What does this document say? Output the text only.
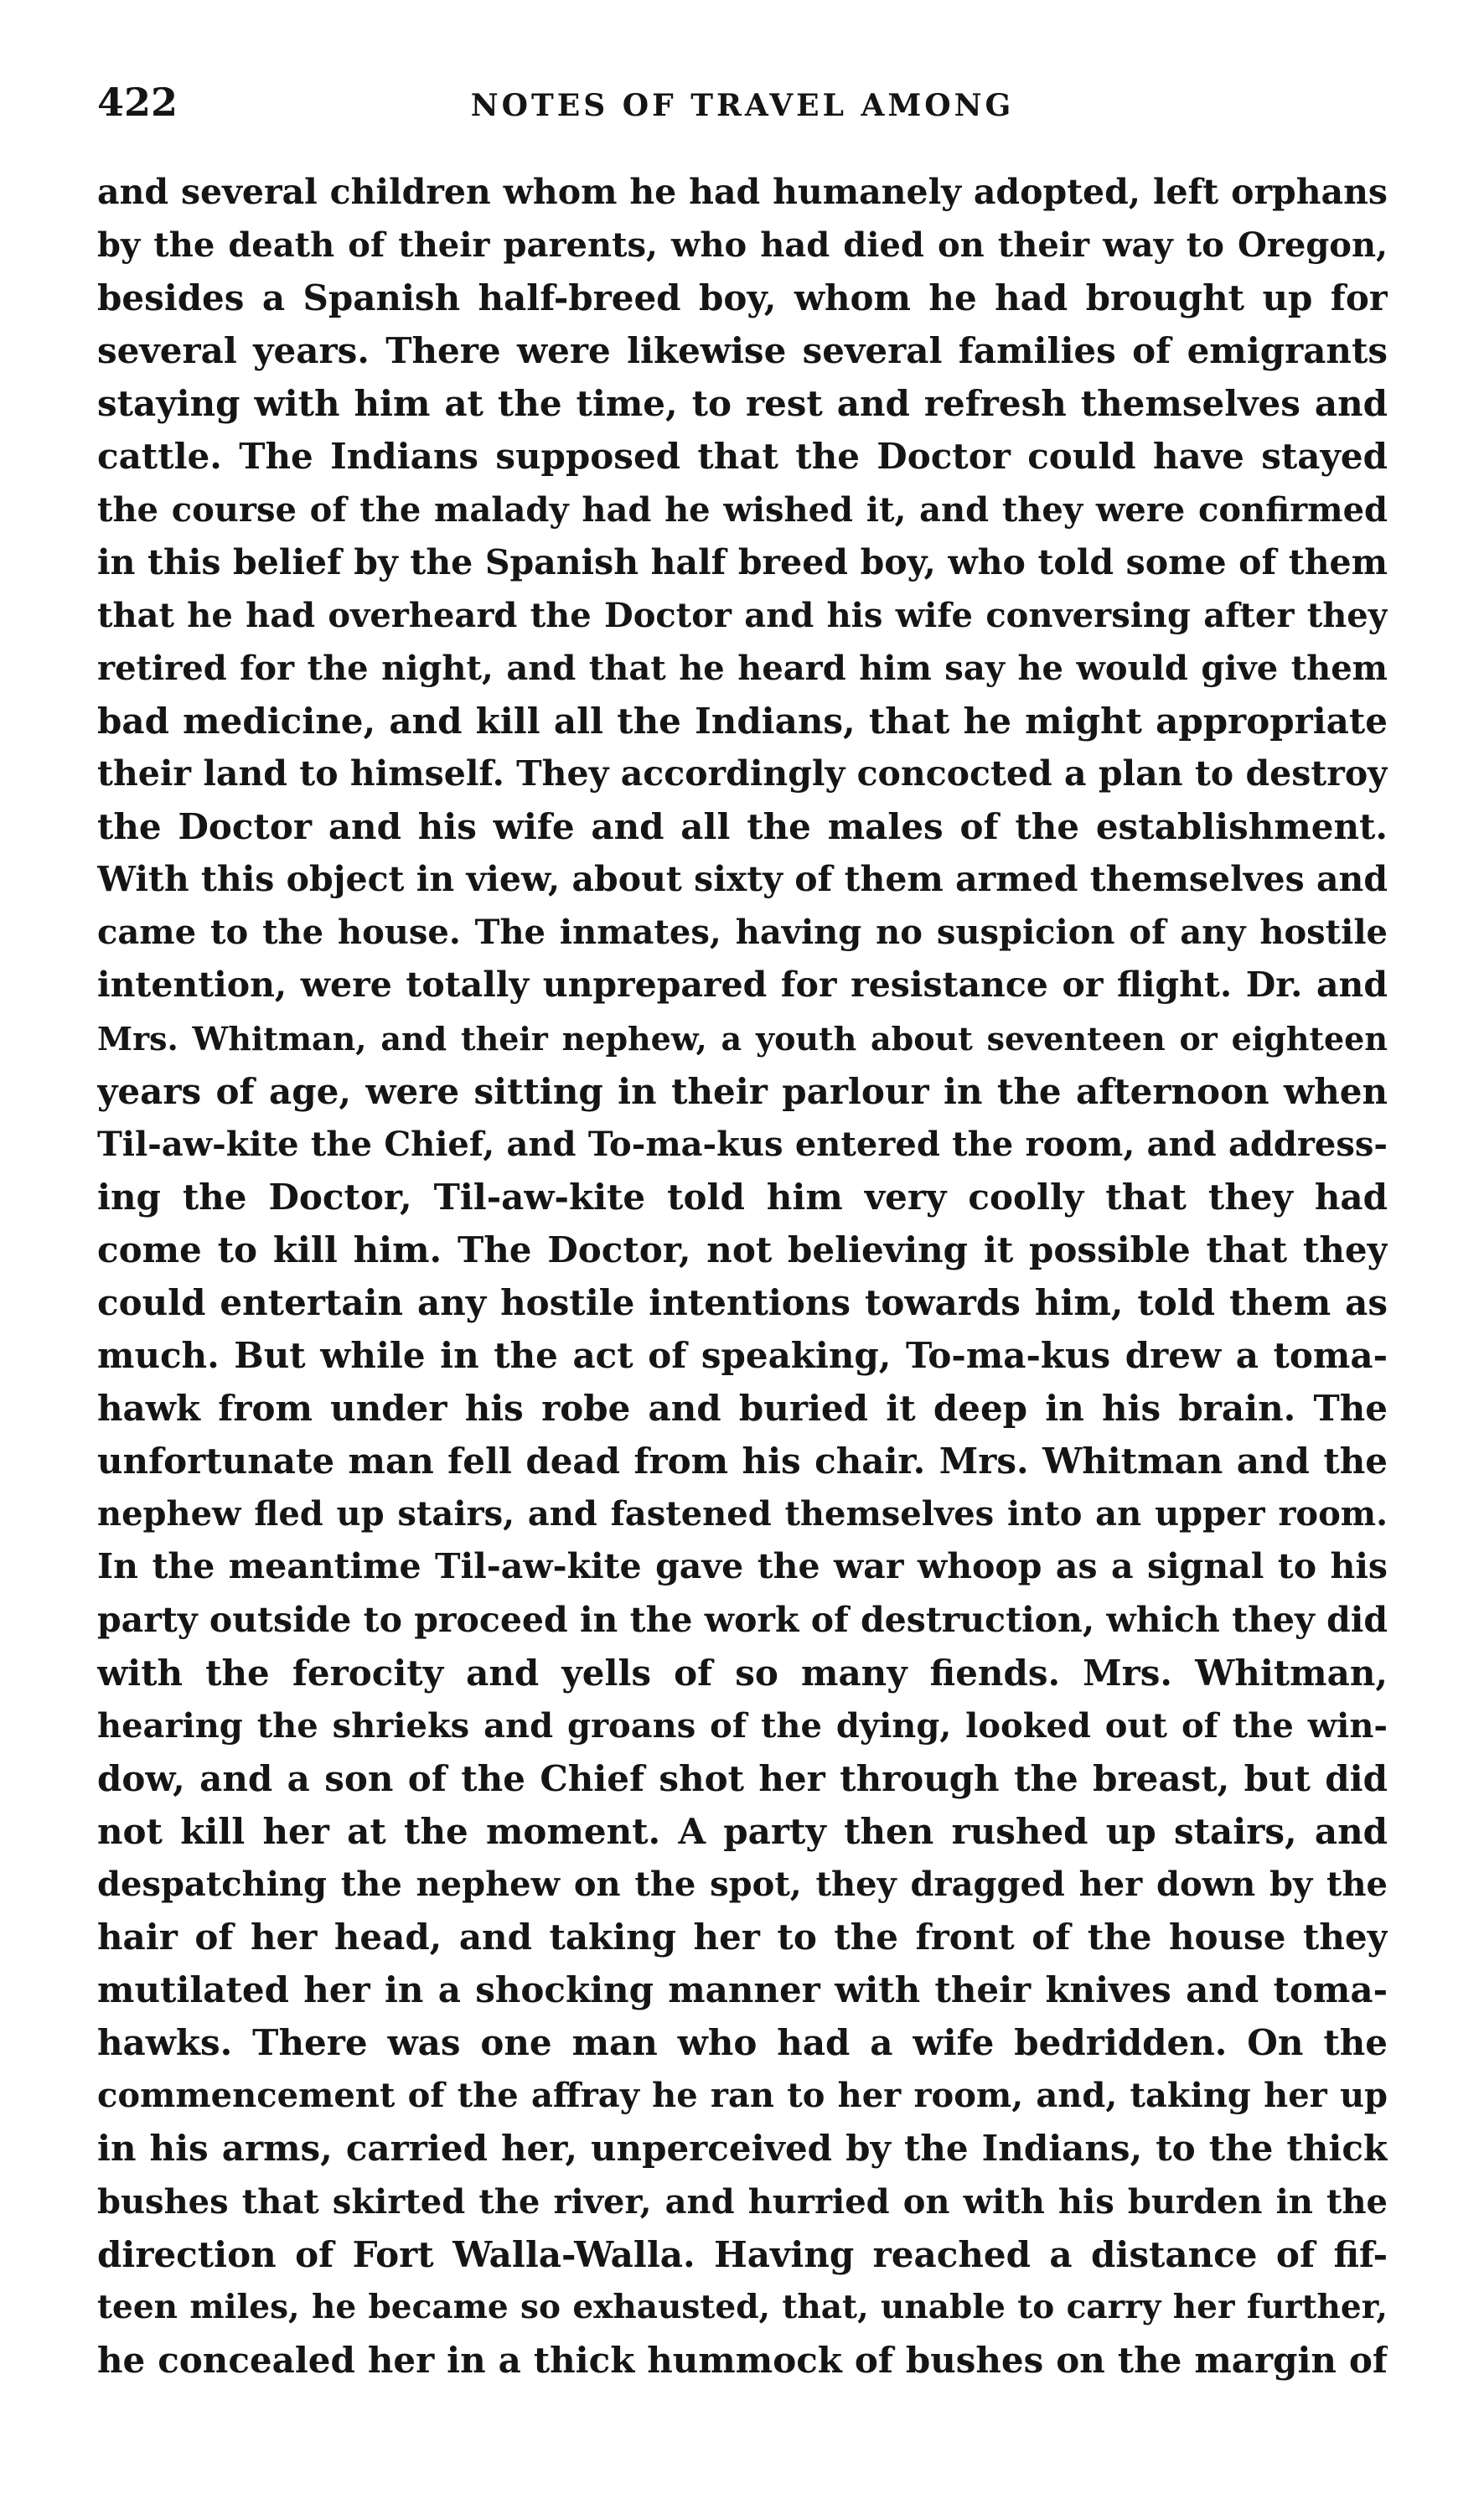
422	NOTES OF TRAVEL AMONG
and several children whom he had humanely adopted, left orphans
by the death of their parents, who had died on their way to Oregon,
besides a Spanish half-breed boy, whom he had brought up for
several years. There were likewise several families of emigrants
staying with him at the time, to rest and refresh themselves and
cattle. The Indians supposed that the Doctor could have stayed
the course of the malady had he wished it, and they were confirmed
in this belief by the Spanish half breed boy, who told some of them
that he had overheard the Doctor and his wife conversing after they
retired for the night, and that he heard him say he would give them
bad medicine, and kill all the Indians, that he might appropriate
their land to himself. They accordingly concocted a plan to destroy
the Doctor and his wife and all the males of the establishment.
With this object in view, about sixty of them armed themselves and
came to the house. The inmates, having no suspicion of any hostile
intention, were totally unprepared for resistance or flight. Dr. and
Mrs. Whitman, and their nephew, a youth about seventeen or eighteen
years of age, were sitting in their parlour in the afternoon when
Til-aw-kite the Chief, and To-ma-kus entered the room, and address-
ing the Doctor, Til-aw-kite told him very coolly that they had
come to kill him. The Doctor, not believing it possible that they
could entertain any hostile intentions towards him, told them as
much. But while in the act of speaking, To-ma-kus drew a toma-
hawk from under his robe and buried it deep in his brain. The
unfortunate man fell dead from his chair. Mrs. Whitman and the
nephew fled up stairs, and fastened themselves into an upper room.
In the meantime Til-aw-kite gave the war whoop as a signal to his
party outside to proceed in the work of destruction, which they did
with the ferocity and yells of so many fiends. Mrs. Whitman,
hearing the shrieks and groans of the dying, looked out of the win-
dow, and a son of the Chief shot her through the breast, but did
not kill her at the moment. A party then rushed up stairs, and
despatching the nephew on the spot, they dragged her down by the
hair of her head, and taking her to the front of the house they
mutilated her in a shocking manner with their knives and toma-
hawks. There was one man who had a wife bedridden. On the
commencement of the affray he ran to her room, and, taking her up
in his arms, carried her, unperceived by the Indians, to the thick
bushes that skirted the river, and hurried on with his burden in the
direction of Fort Walla-Walla. Having reached a distance of fif-
teen miles, he became so exhausted, that, unable to carry her further,
he concealed her in a thick hummock of bushes on the margin of
